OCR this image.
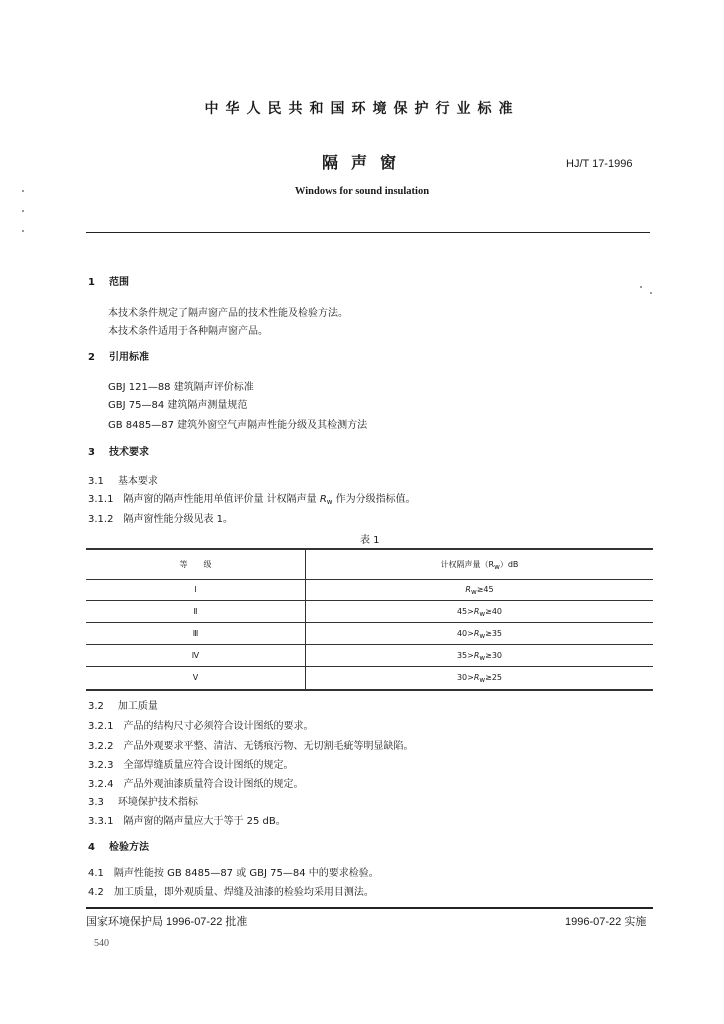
中华人民共和国环境保护行业标准
隔声窗	HJ/T 17-1996
Windows for sound insulation
1 范围
本技术条件规定了隔声窗产品的技术性能及检验方法。
本技术条件适用于各种隔声窗产品。
2 引用标准
GBJ 121—88 建筑隔声评价标准
GBJ 75—84 建筑隔声测量规范
GB 8485—87 建筑外窗空气声隔声性能分级及其检测方法
3 技术要求
3.1 基本要求
3.1.1 隔声窗的隔声性能用单值评价量 计权隔声量 $R_w$ 作为分级指标值。
3.1.2 隔声窗性能分级见表 1。
表 1
等　　级	计权隔声量（Rw）dB
Ⅰ	Rw≥45
Ⅱ	45>Rw≥40
Ⅲ	40>Rw≥35
Ⅳ	35>Rw≥30
Ⅴ	30>Rw≥25
3.2 加工质量
3.2.1 产品的结构尺寸必须符合设计图纸的要求。
3.2.2 产品外观要求平整、清洁、无锈痕污物、无切割毛疵等明显缺陷。
3.2.3 全部焊缝质量应符合设计图纸的规定。
3.2.4 产品外观油漆质量符合设计图纸的规定。
3.3 环境保护技术指标
3.3.1 隔声窗的隔声量应大于等于 25 dB。
4 检验方法
4.1 隔声性能按 GB 8485—87 或 GBJ 75—84 中的要求检验。
4.2 加工质量，即外观质量、焊缝及油漆的检验均采用目测法。
国家环境保护局 1996-07-22 批准	1996-07-22 实施
540
